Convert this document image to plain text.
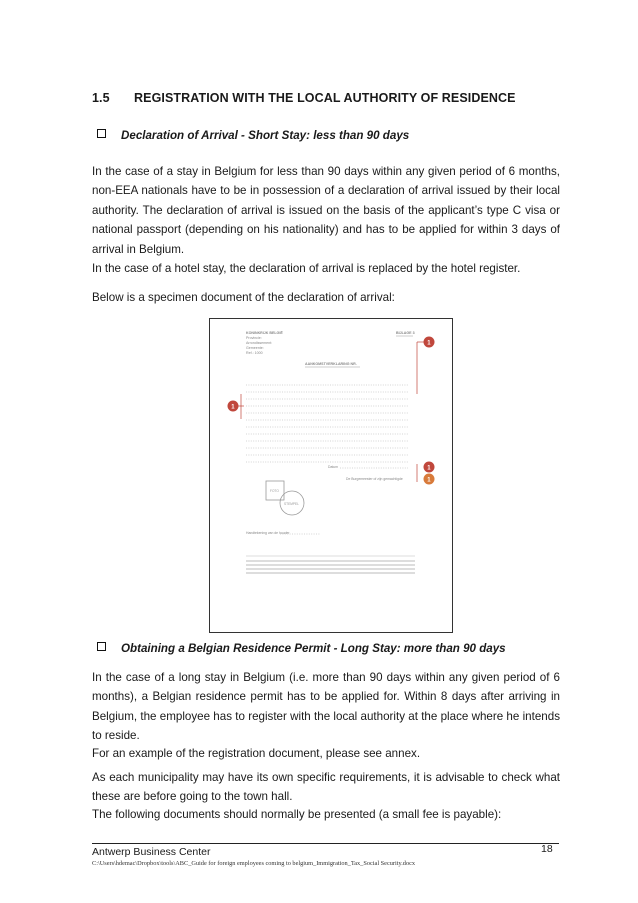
1.5 REGISTRATION WITH THE LOCAL AUTHORITY OF RESIDENCE
Declaration of Arrival - Short Stay: less than 90 days
In the case of a stay in Belgium for less than 90 days within any given period of 6 months, non-EEA nationals have to be in possession of a declaration of arrival issued by their local authority. The declaration of arrival is issued on the basis of the applicant’s type C visa or national passport (depending on his nationality) and has to be applied for within 3 days of arrival in Belgium.
In the case of a hotel stay, the declaration of arrival is replaced by the hotel register.
Below is a specimen document of the declaration of arrival:
KONINKRIJK BELGIË
Provincie:
Arrondissement:
Gemeente:
Ref.: 1000
BIJLAGE 3
AANKOMSTVERKLARING NR.
Datum
De Burgemeester of zijn gemachtigde
FOTO
STEMPEL
Handtekening van de houder
1
1
1
1
Obtaining a Belgian Residence Permit - Long Stay: more than 90 days
In the case of a long stay in Belgium (i.e. more than 90 days within any given period of 6 months), a Belgian residence permit has to be applied for. Within 8 days after arriving in Belgium, the employee has to register with the local authority at the place where he intends to reside.
For an example of the registration document, please see annex.
As each municipality may have its own specific requirements, it is advisable to check what these are before going to the town hall.
The following documents should normally be presented (a small fee is payable):
Antwerp Business Center	18
C:\Users\hdemac\Dropbox\tools\ABC_Guide for foreign employees coming to belgium_Immigration_Tax_Social Security.docx
